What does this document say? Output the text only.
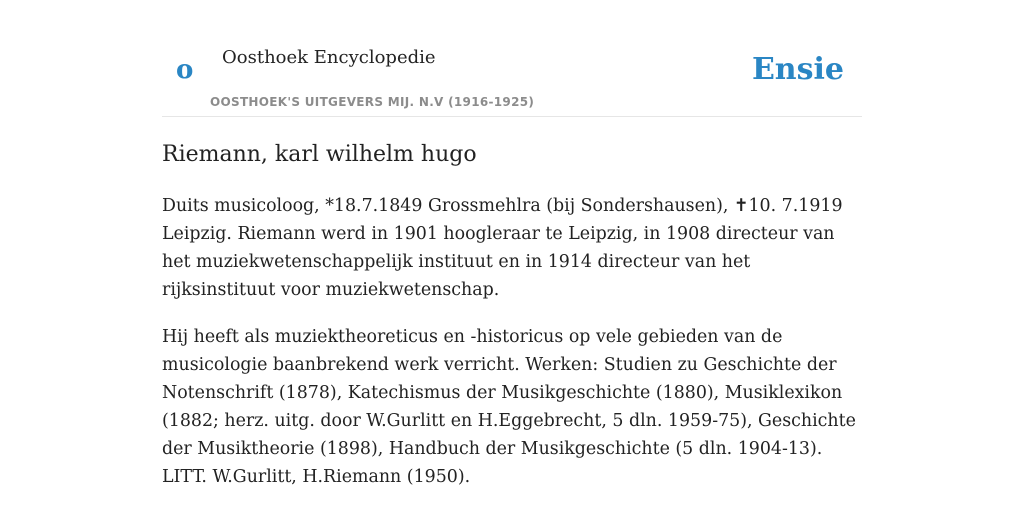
o Oosthoek Encyclopedie
OOSTHOEK'S UITGEVERS MIJ. N.V (1916-1925)
Ensie
Riemann, karl wilhelm hugo

Duits musicoloog, *18.7.1849 Grossmehlra (bij Sondershausen), ✝10. 7.1919 Leipzig. Riemann werd in 1901 hoogleraar te Leipzig, in 1908 directeur van het muziekwetenschappelijk instituut en in 1914 directeur van het rijksinstituut voor muziekwetenschap.

Hij heeft als muziektheoreticus en -historicus op vele gebieden van de musicologie baanbrekend werk verricht. Werken: Studien zu Geschichte der Notenschrift (1878), Katechismus der Musikgeschichte (1880), Musiklexikon (1882; herz. uitg. door W.Gurlitt en H.Eggebrecht, 5 dln. 1959-75), Geschichte der Musiktheorie (1898), Handbuch der Musikgeschichte (5 dln. 1904-13). LITT. W.Gurlitt, H.Riemann (1950).
